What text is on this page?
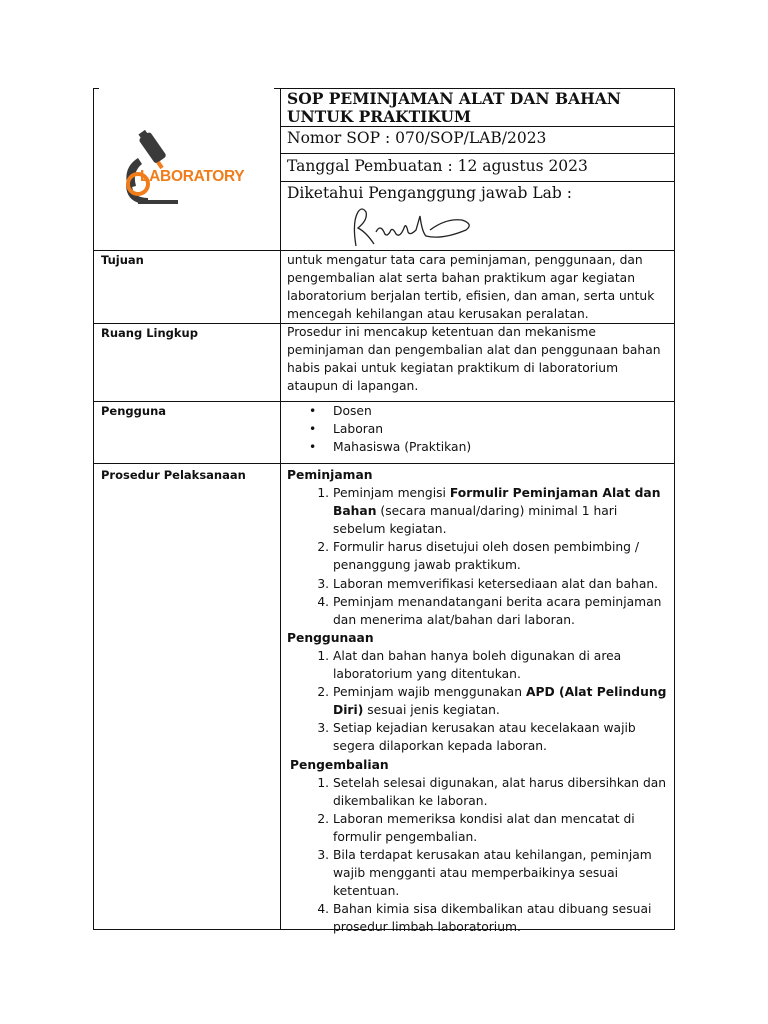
LABORATORY
SOP PEMINJAMAN ALAT DAN BAHAN UNTUK PRAKTIKUM
Nomor SOP : 070/SOP/LAB/2023
Tanggal Pembuatan : 12 agustus 2023
Diketahui Penganggung jawab Lab :
Tujuan	untuk mengatur tata cara peminjaman, penggunaan, dan pengembalian alat serta bahan praktikum agar kegiatan laboratorium berjalan tertib, efisien, dan aman, serta untuk mencegah kehilangan atau kerusakan peralatan.
Ruang Lingkup	Prosedur ini mencakup ketentuan dan mekanisme peminjaman dan pengembalian alat dan penggunaan bahan habis pakai untuk kegiatan praktikum di laboratorium ataupun di lapangan.
Pengguna	• Dosen
• Laboran
• Mahasiswa (Praktikan)
Prosedur Pelaksanaan	Peminjaman
1. Peminjam mengisi Formulir Peminjaman Alat dan Bahan (secara manual/daring) minimal 1 hari sebelum kegiatan.
2. Formulir harus disetujui oleh dosen pembimbing / penanggung jawab praktikum.
3. Laboran memverifikasi ketersediaan alat dan bahan.
4. Peminjam menandatangani berita acara peminjaman dan menerima alat/bahan dari laboran.
Penggunaan
1. Alat dan bahan hanya boleh digunakan di area laboratorium yang ditentukan.
2. Peminjam wajib menggunakan APD (Alat Pelindung Diri) sesuai jenis kegiatan.
3. Setiap kejadian kerusakan atau kecelakaan wajib segera dilaporkan kepada laboran.
Pengembalian
1. Setelah selesai digunakan, alat harus dibersihkan dan dikembalikan ke laboran.
2. Laboran memeriksa kondisi alat dan mencatat di formulir pengembalian.
3. Bila terdapat kerusakan atau kehilangan, peminjam wajib mengganti atau memperbaikinya sesuai ketentuan.
4. Bahan kimia sisa dikembalikan atau dibuang sesuai prosedur limbah laboratorium.
